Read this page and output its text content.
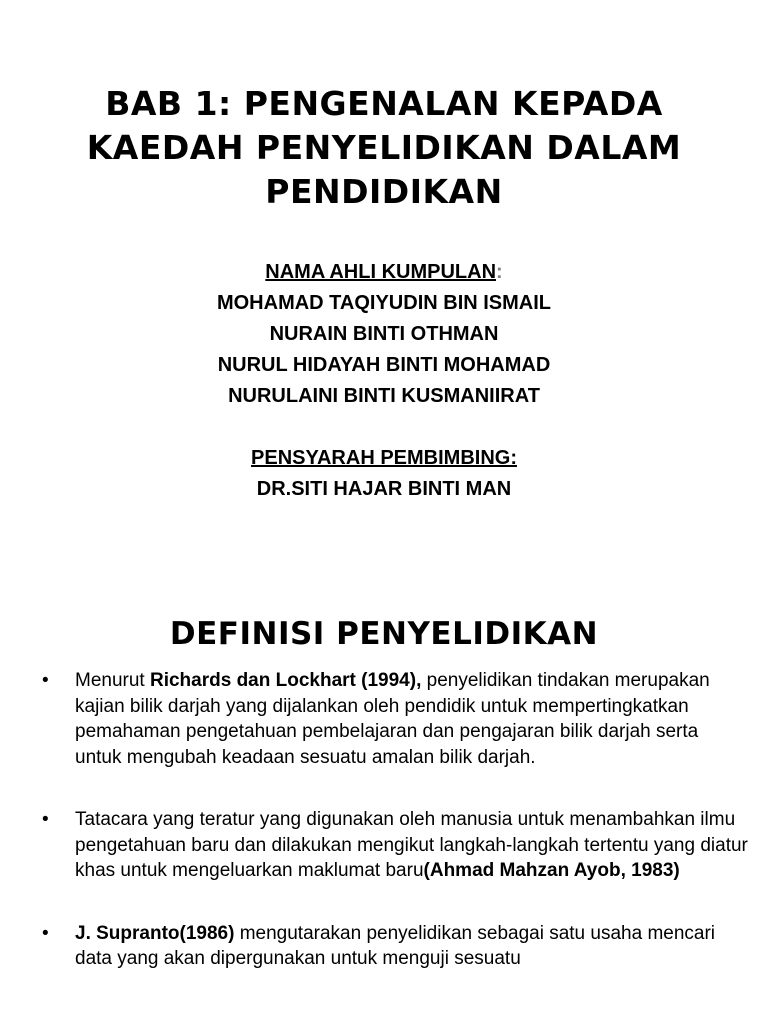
BAB 1: PENGENALAN KEPADA
KAEDAH PENYELIDIKAN DALAM
PENDIDIKAN
NAMA AHLI KUMPULAN:
MOHAMAD TAQIYUDIN BIN ISMAIL
NURAIN BINTI OTHMAN
NURUL HIDAYAH BINTI MOHAMAD
NURULAINI BINTI KUSMANIIRAT
PENSYARAH PEMBIMBING:
DR.SITI HAJAR BINTI MAN
DEFINISI PENYELIDIKAN
• Menurut Richards dan Lockhart (1994), penyelidikan tindakan merupakan kajian bilik darjah yang dijalankan oleh pendidik untuk mempertingkatkan pemahaman pengetahuan pembelajaran dan pengajaran bilik darjah serta untuk mengubah keadaan sesuatu amalan bilik darjah.
• Tatacara yang teratur yang digunakan oleh manusia untuk menambahkan ilmu pengetahuan baru dan dilakukan mengikut langkah-langkah tertentu yang diatur khas untuk mengeluarkan maklumat baru(Ahmad Mahzan Ayob, 1983)
• J. Supranto(1986) mengutarakan penyelidikan sebagai satu usaha mencari data yang akan dipergunakan untuk menguji sesuatu
